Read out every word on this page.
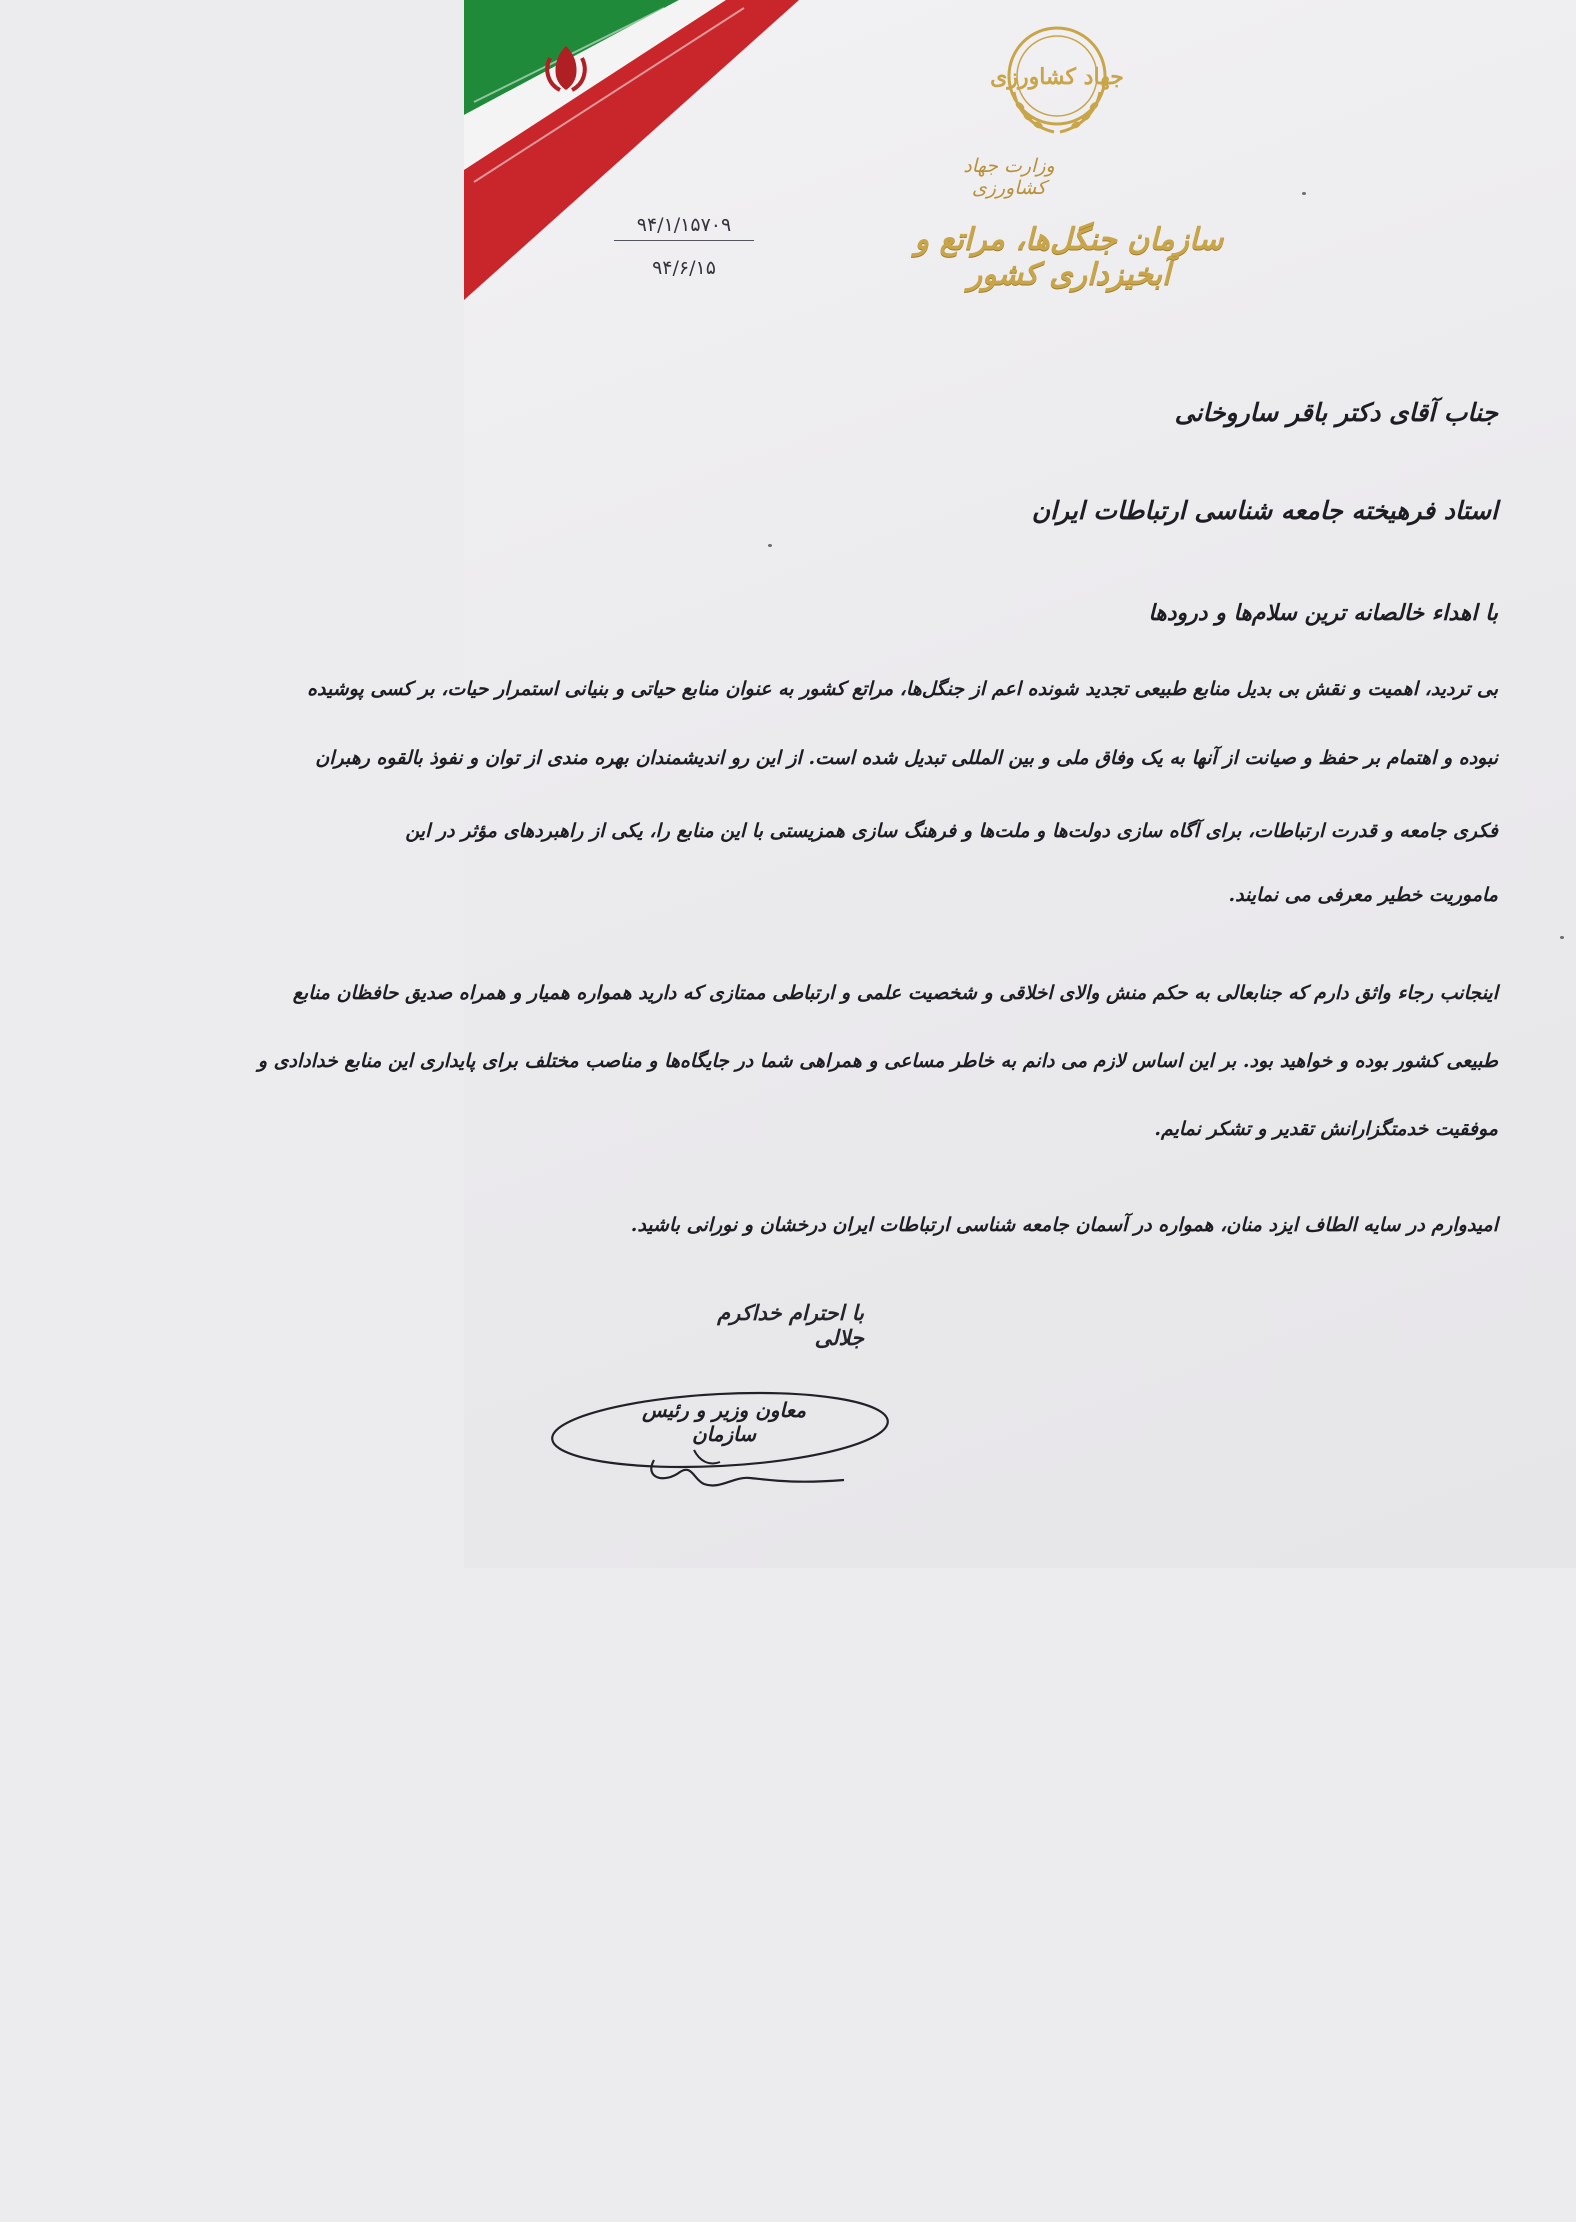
جهاد کشاورزی
وزارت جهاد کشاورزی
سازمان جنگل‌ها، مراتع و آبخیزداری کشور
۹۴/۱/۱۵۷۰۹
۹۴/۶/۱۵
جناب آقای دکتر باقر ساروخانی
استاد فرهیخته جامعه شناسی ارتباطات ایران
با اهداء خالصانه ترین سلام‌ها و درودها
بی تردید، اهمیت و نقش بی بدیل منابع طبیعی تجدید شونده اعم از جنگل‌ها، مراتع کشور به عنوان منابع حیاتی و بنیانی استمرار حیات، بر کسی پوشیده
نبوده و اهتمام بر حفظ و صیانت از آنها به یک وفاق ملی و بین المللی تبدیل شده است. از این رو اندیشمندان بهره مندی از توان و نفوذ بالقوه رهبران
فکری جامعه و قدرت ارتباطات، برای آگاه سازی دولت‌ها و ملت‌ها و فرهنگ سازی همزیستی با این منابع را، یکی از راهبردهای مؤثر در این
ماموریت خطیر معرفی می نمایند.
اینجانب رجاء واثق دارم که جنابعالی به حکم منش والای اخلاقی و شخصیت علمی و ارتباطی ممتازی که دارید همواره همیار و همراه صدیق حافظان منابع
طبیعی کشور بوده و خواهید بود. بر این اساس لازم می دانم به خاطر مساعی و همراهی شما در جایگاه‌ها و مناصب مختلف برای پایداری این منابع خدادادی و
موفقیت خدمتگزارانش تقدیر و تشکر نمایم.
امیدوارم در سایه الطاف ایزد منان، همواره در آسمان جامعه شناسی ارتباطات ایران درخشان و نورانی باشید.
با احترام خداکرم جلالی
معاون وزیر و رئیس سازمان
